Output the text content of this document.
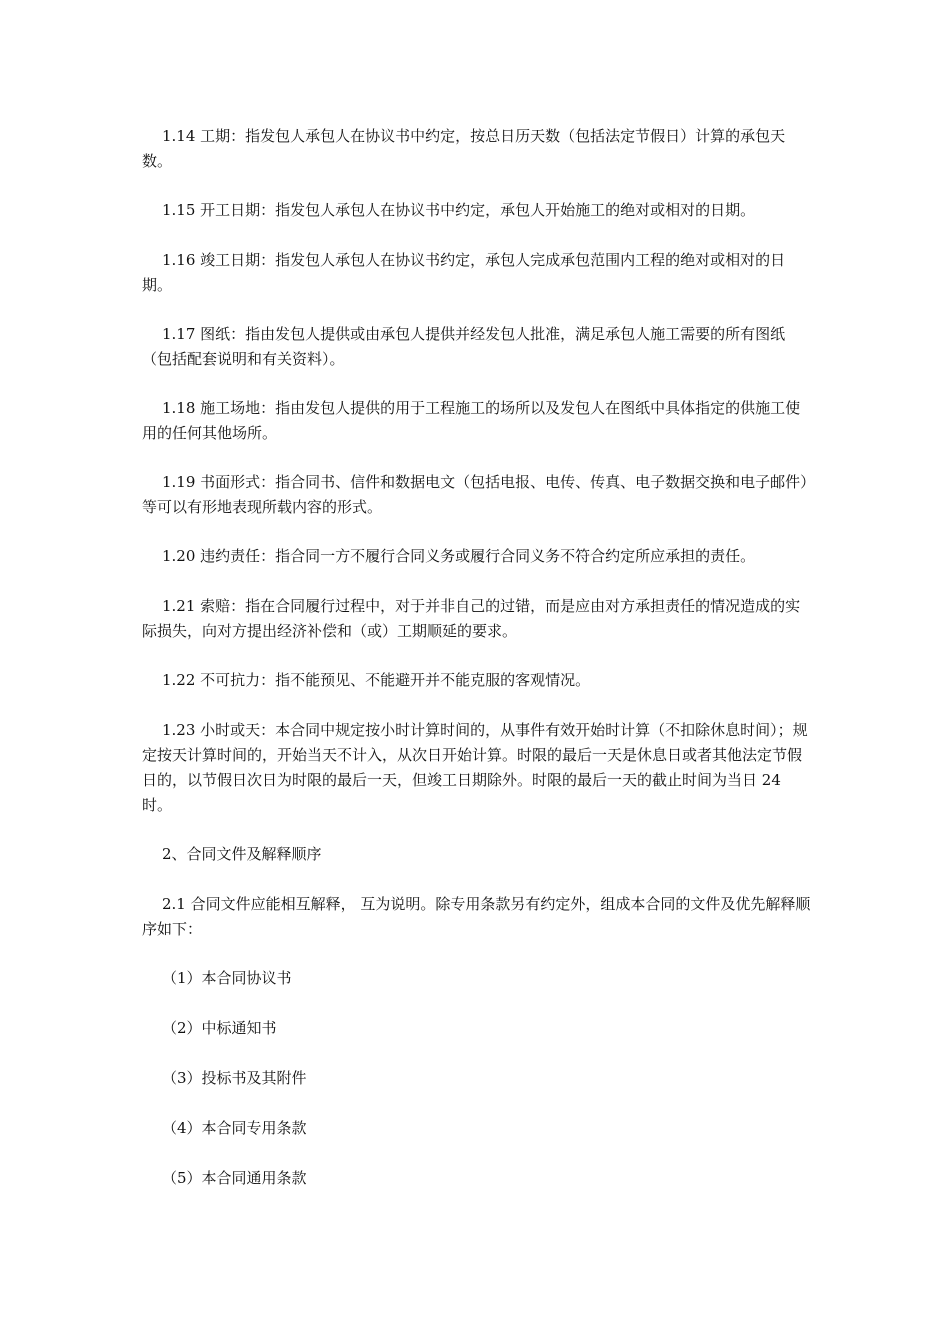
1.14 工期：指发包人承包人在协议书中约定，按总日历天数（包括法定节假日）计算的承包天数。

1.15 开工日期：指发包人承包人在协议书中约定，承包人开始施工的绝对或相对的日期。

1.16 竣工日期：指发包人承包人在协议书约定，承包人完成承包范围内工程的绝对或相对的日期。

1.17 图纸：指由发包人提供或由承包人提供并经发包人批准，满足承包人施工需要的所有图纸（包括配套说明和有关资料）。

1.18 施工场地：指由发包人提供的用于工程施工的场所以及发包人在图纸中具体指定的供施工使用的任何其他场所。

1.19 书面形式：指合同书、信件和数据电文（包括电报、电传、传真、电子数据交换和电子邮件）等可以有形地表现所载内容的形式。

1.20 违约责任：指合同一方不履行合同义务或履行合同义务不符合约定所应承担的责任。

1.21 索赔：指在合同履行过程中，对于并非自己的过错，而是应由对方承担责任的情况造成的实际损失，向对方提出经济补偿和（或）工期顺延的要求。

1.22 不可抗力：指不能预见、不能避开并不能克服的客观情况。

1.23 小时或天：本合同中规定按小时计算时间的，从事件有效开始时计算（不扣除休息时间）；规定按天计算时间的，开始当天不计入，从次日开始计算。时限的最后一天是休息日或者其他法定节假日的，以节假日次日为时限的最后一天，但竣工日期除外。时限的最后一天的截止时间为当日 24 时。

2、合同文件及解释顺序

2.1 合同文件应能相互解释， 互为说明。除专用条款另有约定外，组成本合同的文件及优先解释顺序如下：

（1）本合同协议书

（2）中标通知书

（3）投标书及其附件

（4）本合同专用条款

（5）本合同通用条款
